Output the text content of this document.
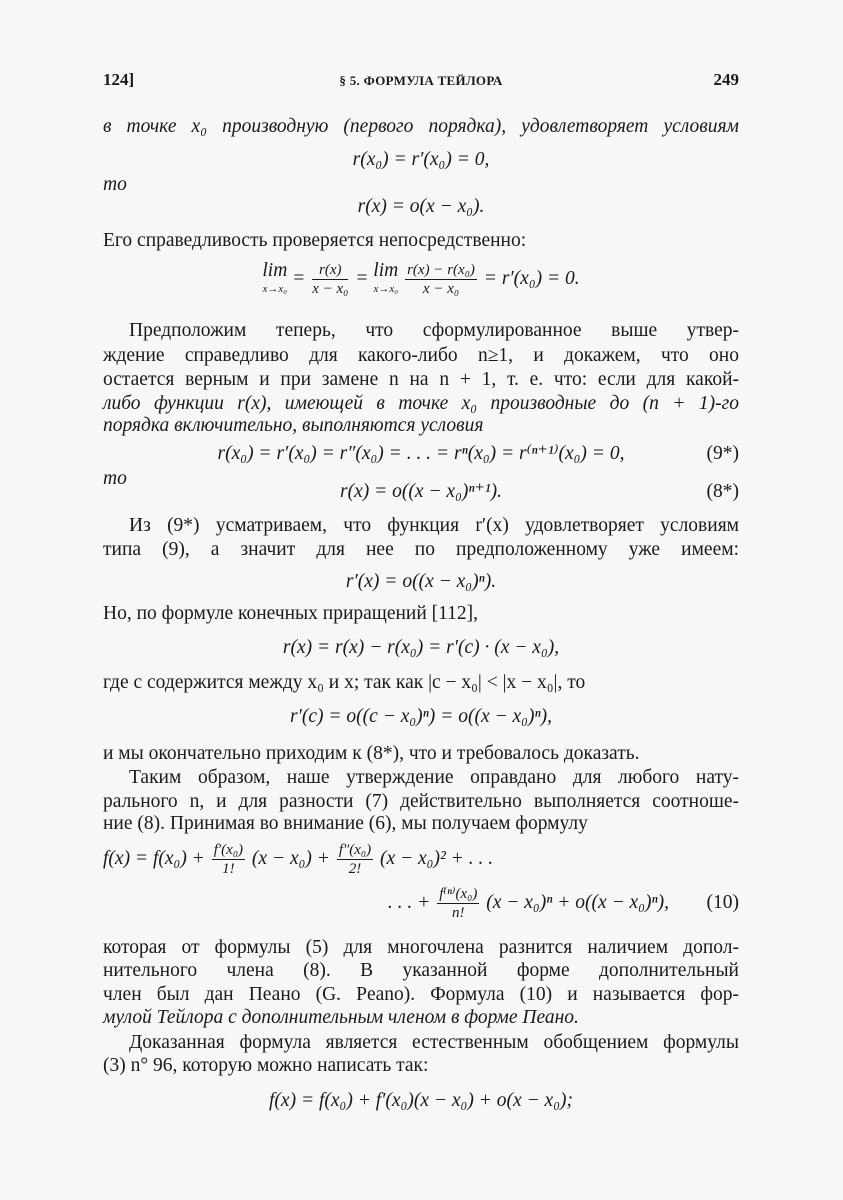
124]	§ 5. ФОРМУЛА ТЕЙЛОРА	249
в точке x₀ производную (первого порядка), удовлетворяет условиям
r(x₀) = r′(x₀) = 0,
то
r(x) = o(x − x₀).
Его справедливость проверяется непосредственно:
lim
$x\to x_0 = \frac{r(x)}{\text{x − x₀}} = \lim$
x→x₀
$\frac{\text{r(x) − r(x₀)}}{\text{x − x₀}} = r'(x_0) = 0$.
Предположим теперь, что сформулированное выше утвер-
ждение справедливо для какого-либо n≥1, и докажем, что оно
остается верным и при замене n на n + 1, т. е. что: если для какой-
либо функции r(x), имеющей в точке x₀ производные до (n + 1)-го
порядка включительно, выполняются условия
r(x₀) = r′(x₀) = r″(x₀) = . . . = rⁿ(x₀) = r⁽ⁿ⁺¹⁾(x₀) = 0,	(9*)
то
r(x) = o((x − x₀)ⁿ⁺¹).	(8*)
Из (9*) усматриваем, что функция r′(x) удовлетворяет условиям
типа (9), а значит для нее по предположенному уже имеем:
r′(x) = o((x − x₀)ⁿ).
Но, по формуле конечных приращений [112],
r(x) = r(x) − r(x₀) = r′(c) · (x − x₀),
где c содержится между x₀ и x; так как |c − x₀| < |x − x₀|, то
r′(c) = o((c − x₀)ⁿ) = o((x − x₀)ⁿ),
и мы окончательно приходим к (8*), что и требовалось доказать.
Таким образом, наше утверждение оправдано для любого нату-
рального n, и для разности (7) действительно выполняется соотноше-
ние (8). Принимая во внимание (6), мы получаем формулу
$f(x) = f(x_0) + \frac{\text{f′(x₀)}}{1!} (x - x_0) + \frac{\text{f″(x₀)}}{2!} (x - x_0)^2$ + . . .
. . . + $\frac{\text{f⁽ⁿ⁾(x₀)}}{n!} (x - x_0)^n + o((x - x_0)^n)$, (10)
которая от формулы (5) для многочлена разнится наличием допол-
нительного члена (8). В указанной форме дополнительный
член был дан Пеано (G. Peano). Формула (10) и называется фор-
мулой Тейлора с дополнительным членом в форме Пеано.
Доказанная формула является естественным обобщением формулы
(3) n° 96, которую можно написать так:
f(x) = f(x₀) + f′(x₀)(x − x₀) + o(x − x₀);
